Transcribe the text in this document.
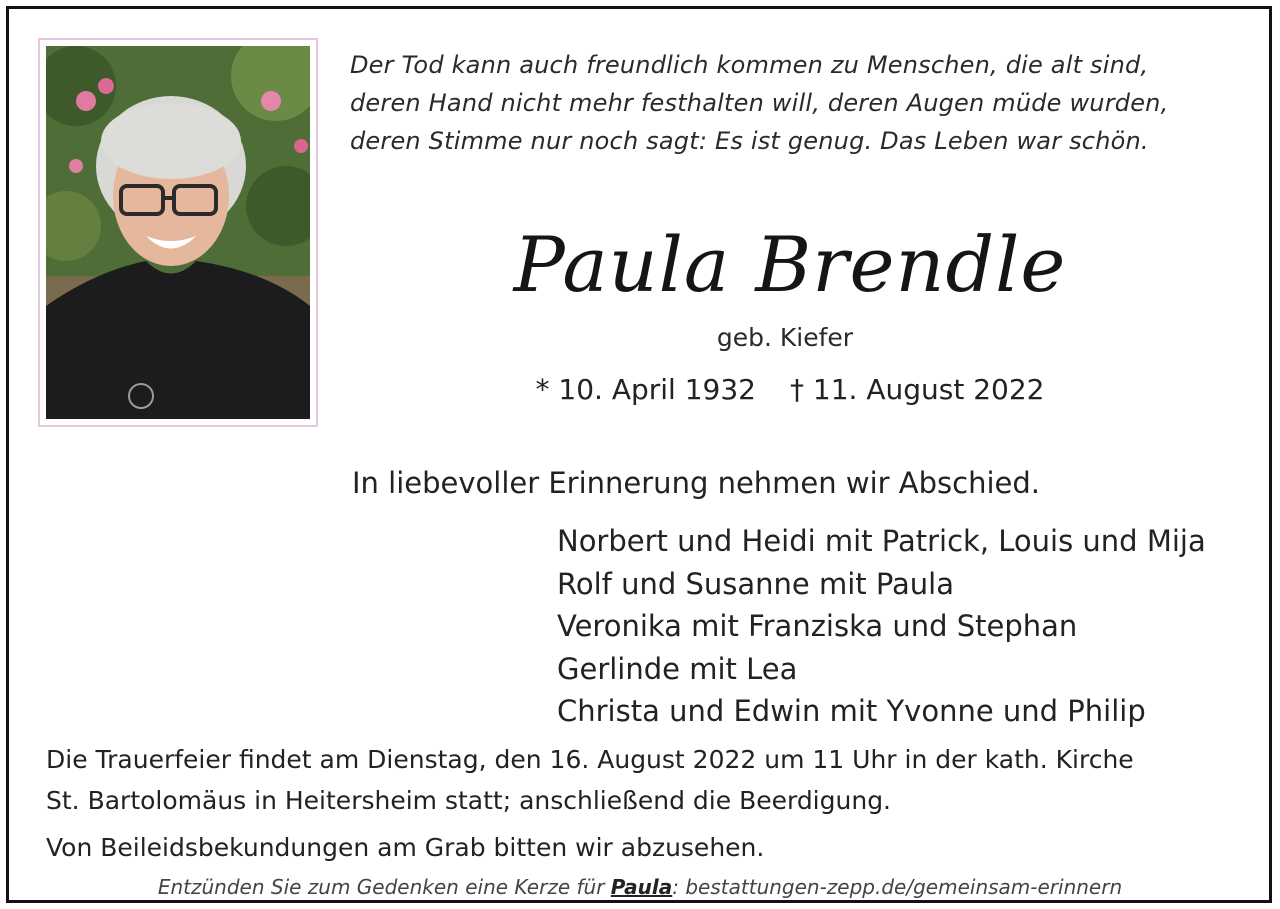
Der Tod kann auch freundlich kommen zu Menschen, die alt sind,
deren Hand nicht mehr festhalten will, deren Augen müde wurden,
deren Stimme nur noch sagt: Es ist genug. Das Leben war schön.
Paula Brendle
geb. Kiefer
* 10. April 1932 † 11. August 2022
In liebevoller Erinnerung nehmen wir Abschied.
Norbert und Heidi mit Patrick, Louis und Mija
Rolf und Susanne mit Paula
Veronika mit Franziska und Stephan
Gerlinde mit Lea
Christa und Edwin mit Yvonne und Philip
Die Trauerfeier findet am Dienstag, den 16. August 2022 um 11 Uhr in der kath. Kirche
St. Bartolomäus in Heitersheim statt; anschließend die Beerdigung.
Von Beileidsbekundungen am Grab bitten wir abzusehen.
Entzünden Sie zum Gedenken eine Kerze für Paula: bestattungen-zepp.de/gemeinsam-erinnern
